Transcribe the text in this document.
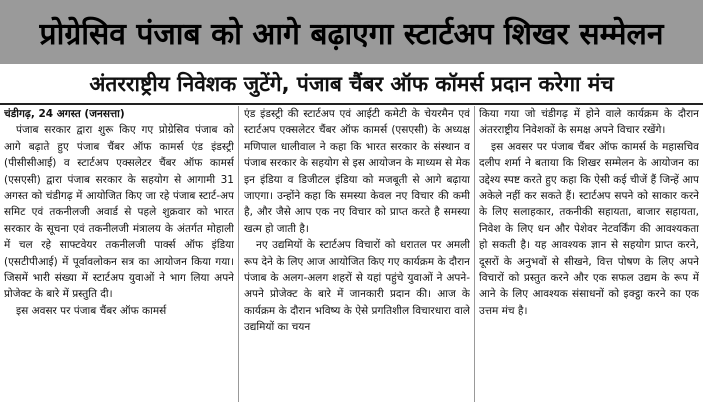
प्रोग्रेसिव पंजाब को आगे बढ़ाएगा स्टार्टअप शिखर सम्मेलन
अंतरराष्ट्रीय निवेशक जुटेंगे, पंजाब चैंबर ऑफ कॉमर्स प्रदान करेगा मंच

चंडीगढ़, 24 अगस्त (जनसत्ता)

पंजाब सरकार द्वारा शुरू किए गए प्रोग्रेसिव पंजाब को आगे बढ़ाते हुए पंजाब चैंबर ऑफ कामर्स एंड इंडस्ट्री (पीसीसीआई) व स्टार्टअप एक्सलेटर चैंबर ऑफ कामर्स (एसएसी) द्वारा पंजाब सरकार के सहयोग से आगामी 31 अगस्त को चंडीगढ़ में आयोजित किए जा रहे पंजाब स्टार्ट-अप समिट एवं तकनीलजी अवार्ड से पहले शुक्रवार को भारत सरकार के सूचना एवं तकनीलजी मंत्रालय के अंतर्गत मोहाली में चल रहे साफ्टवेयर तकनीलजी पार्क्स ऑफ इंडिया (एसटीपीआई) में पूर्वावलोकन सत्र का आयोजन किया गया। जिसमें भारी संख्या में स्टार्टअप युवाओं ने भाग लिया अपने प्रोजेक्ट के बारे में प्रस्तुति दी।

इस अवसर पर पंजाब चैंबर ऑफ कामर्स

एंड इंडस्ट्री की स्टार्टअप एवं आईटी कमेटी के चेयरमैन एवं स्टार्टअप एक्सलेटर चैंबर ऑफ कामर्स (एसएसी) के अध्यक्ष मणिपाल धालीवाल ने कहा कि भारत सरकार के संस्थान व पंजाब सरकार के सहयोग से इस आयोजन के माध्यम से मेक इन इंडिया व डिजीटल इंडिया को मजबूती से आगे बढ़ाया जाएगा। उन्होंने कहा कि समस्या केवल नए विचार की कमी है, और जैसे आप एक नए विचार को प्राप्त करते है समस्या खत्म हो जाती है।

नए उद्यमियों के स्टार्टअप विचारों को धरातल पर अमली रूप देने के लिए आज आयोजित किए गए कार्यक्रम के दौरान पंजाब के अलग-अलग शहरों से यहां पहुंचे युवाओं ने अपने-अपने प्रोजेक्ट के बारे में जानकारी प्रदान की। आज के कार्यक्रम के दौरान भविष्य के ऐसे प्रगतिशील विचारधारा वाले उद्यमियों का चयन

किया गया जो चंडीगढ़ में होने वाले कार्यक्रम के दौरान अंतरराष्ट्रीय निवेशकों के समक्ष अपने विचार रखेंगे।

इस अवसर पर पंजाब चैंबर ऑफ कामर्स के महासचिव दलीप शर्मा ने बताया कि शिखर सम्मेलन के आयोजन का उद्देश्य स्पष्ट करते हुए कहा कि ऐसी कई चीजें हैं जिन्हें आप अकेले नहीं कर सकते हैं। स्टार्टअप सपने को साकार करने के लिए सलाहकार, तकनीकी सहायता, बाजार सहायता, निवेश के लिए धन और पेशेवर नेटवर्किंग की आवश्यकता हो सकती है। यह आवश्यक ज्ञान से सहयोग प्राप्त करने, दूसरों के अनुभवों से सीखने, वित्त पोषण के लिए अपने विचारों को प्रस्तुत करने और एक सफल उद्यम के रूप में आने के लिए आवश्यक संसाधनों को इक्ट्ठा करने का एक उत्तम मंच है।
